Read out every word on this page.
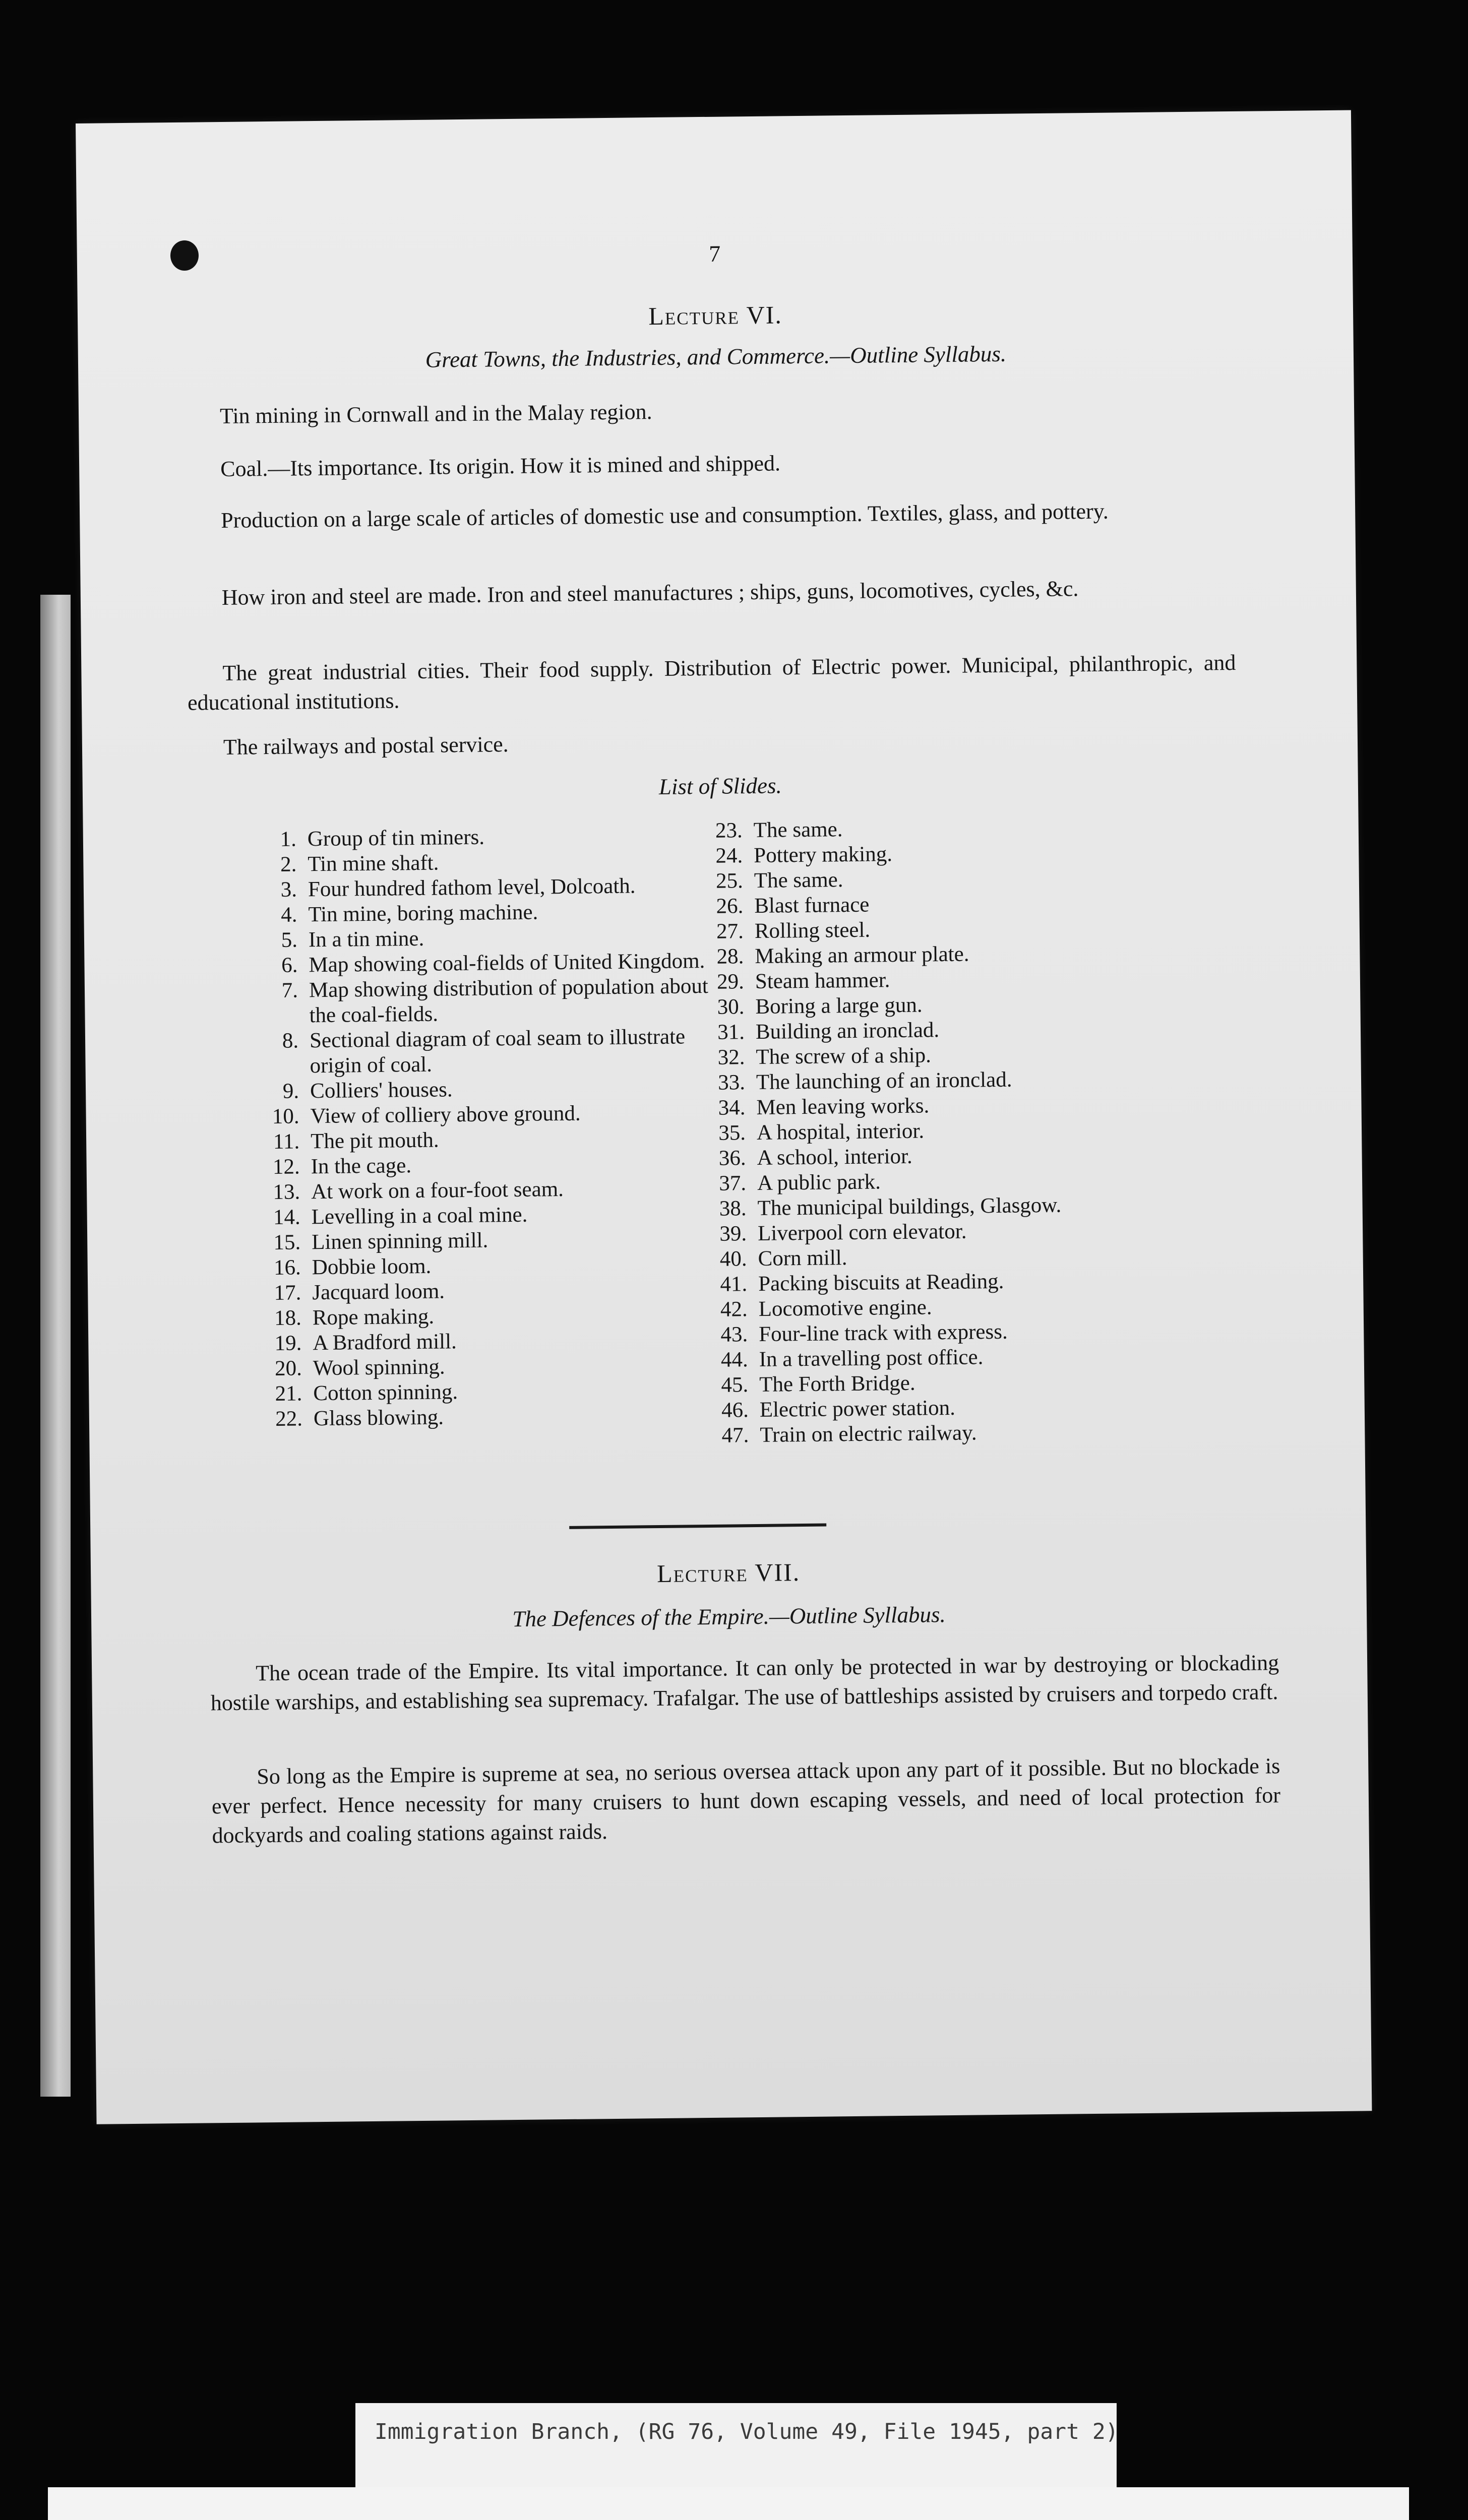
7
Lecture VI.
Great Towns, the Industries, and Commerce.—Outline Syllabus.
Tin mining in Cornwall and in the Malay region.
Coal.—Its importance. Its origin. How it is mined and shipped.
Production on a large scale of articles of domestic use and consumption. Textiles, glass, and pottery.
How iron and steel are made. Iron and steel manufactures ; ships, guns, locomotives, cycles, &c.
The great industrial cities. Their food supply. Distribution of Electric power. Municipal, philanthropic, and educational institutions.
The railways and postal service.
List of Slides.
1. Group of tin miners.
2. Tin mine shaft.
3. Four hundred fathom level, Dolcoath.
4. Tin mine, boring machine.
5. In a tin mine.
6. Map showing coal-fields of United Kingdom.
7. Map showing distribution of population about the coal-fields.
8. Sectional diagram of coal seam to illustrate origin of coal.
9. Colliers' houses.
10. View of colliery above ground.
11. The pit mouth.
12. In the cage.
13. At work on a four-foot seam.
14. Levelling in a coal mine.
15. Linen spinning mill.
16. Dobbie loom.
17. Jacquard loom.
18. Rope making.
19. A Bradford mill.
20. Wool spinning.
21. Cotton spinning.
22. Glass blowing.
23. The same.
24. Pottery making.
25. The same.
26. Blast furnace
27. Rolling steel.
28. Making an armour plate.
29. Steam hammer.
30. Boring a large gun.
31. Building an ironclad.
32. The screw of a ship.
33. The launching of an ironclad.
34. Men leaving works.
35. A hospital, interior.
36. A school, interior.
37. A public park.
38. The municipal buildings, Glasgow.
39. Liverpool corn elevator.
40. Corn mill.
41. Packing biscuits at Reading.
42. Locomotive engine.
43. Four-line track with express.
44. In a travelling post office.
45. The Forth Bridge.
46. Electric power station.
47. Train on electric railway.
Lecture VII.
The Defences of the Empire.—Outline Syllabus.
The ocean trade of the Empire. Its vital importance. It can only be protected in war by destroying or blockading hostile warships, and establishing sea supremacy. Trafalgar. The use of battleships assisted by cruisers and torpedo craft.
So long as the Empire is supreme at sea, no serious oversea attack upon any part of it possible. But no blockade is ever perfect. Hence necessity for many cruisers to hunt down escaping vessels, and need of local protection for dockyards and coaling stations against raids.
Immigration Branch, (RG 76, Volume 49, File 1945, part 2)
